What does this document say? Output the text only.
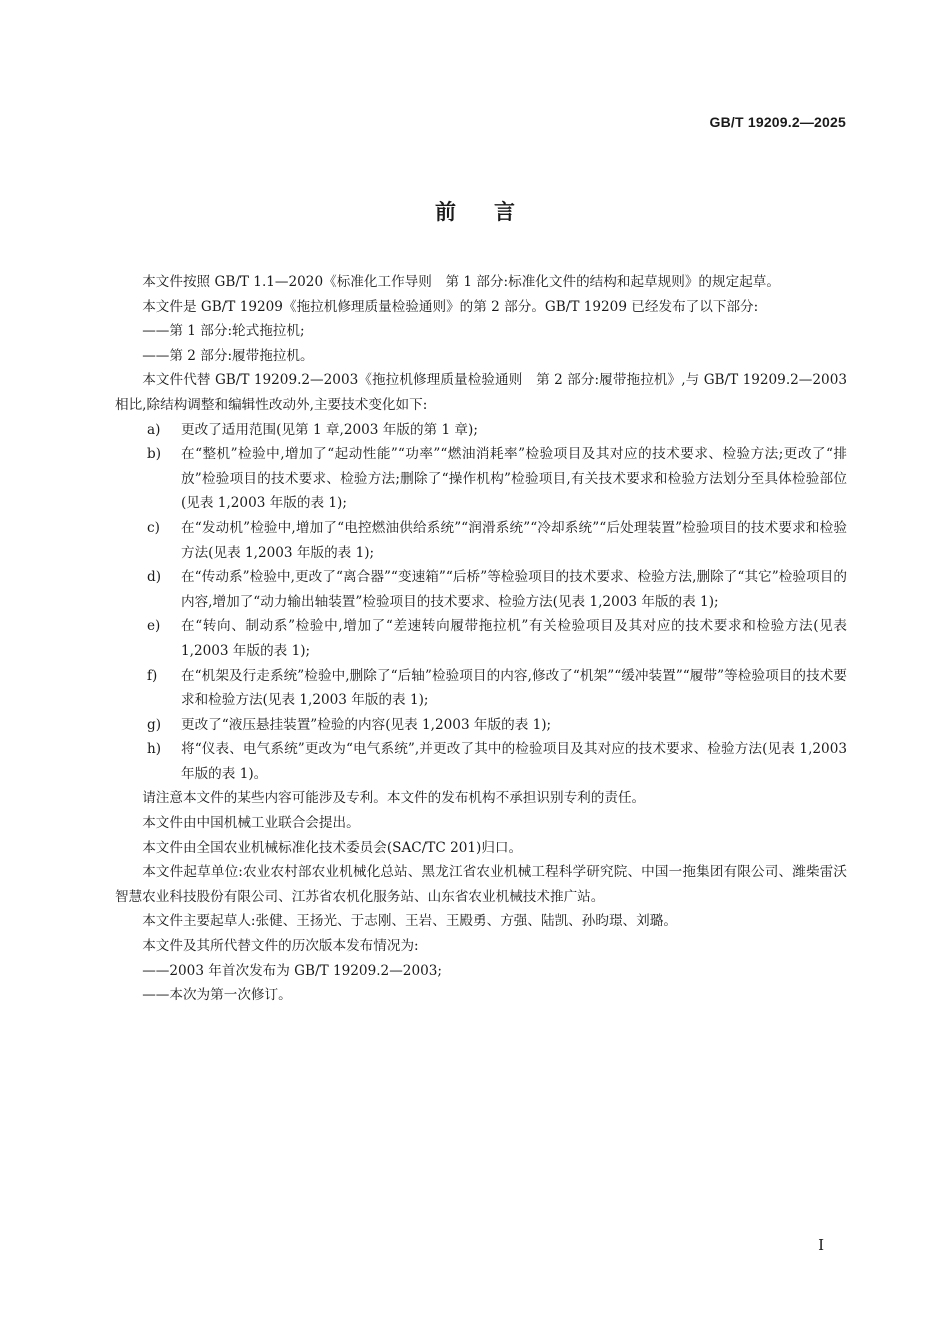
GB/T 19209.2—2025
前言

本文件按照 GB/T 1.1—2020《标准化工作导则　第 1 部分:标准化文件的结构和起草规则》的规定起草。

本文件是 GB/T 19209《拖拉机修理质量检验通则》的第 2 部分。GB/T 19209 已经发布了以下部分:

——第 1 部分:轮式拖拉机;

——第 2 部分:履带拖拉机。

本文件代替 GB/T 19209.2—2003《拖拉机修理质量检验通则　第 2 部分:履带拖拉机》,与 GB/T 19209.2—2003 相比,除结构调整和编辑性改动外,主要技术变化如下:

a) 更改了适用范围(见第 1 章,2003 年版的第 1 章);

b) 在“整机”检验中,增加了“起动性能”“功率”“燃油消耗率”检验项目及其对应的技术要求、检验方法;更改了“排放”检验项目的技术要求、检验方法;删除了“操作机构”检验项目,有关技术要求和检验方法划分至具体检验部位(见表 1,2003 年版的表 1);

c) 在“发动机”检验中,增加了“电控燃油供给系统”“润滑系统”“冷却系统”“后处理装置”检验项目的技术要求和检验方法(见表 1,2003 年版的表 1);

d) 在“传动系”检验中,更改了“离合器”“变速箱”“后桥”等检验项目的技术要求、检验方法,删除了“其它”检验项目的内容,增加了“动力输出轴装置”检验项目的技术要求、检验方法(见表 1,2003 年版的表 1);

e) 在“转向、制动系”检验中,增加了“差速转向履带拖拉机”有关检验项目及其对应的技术要求和检验方法(见表 1,2003 年版的表 1);

f) 在“机架及行走系统”检验中,删除了“后轴”检验项目的内容,修改了“机架”“缓冲装置”“履带”等检验项目的技术要求和检验方法(见表 1,2003 年版的表 1);

g) 更改了“液压悬挂装置”检验的内容(见表 1,2003 年版的表 1);

h) 将“仪表、电气系统”更改为“电气系统”,并更改了其中的检验项目及其对应的技术要求、检验方法(见表 1,2003 年版的表 1)。

请注意本文件的某些内容可能涉及专利。本文件的发布机构不承担识别专利的责任。

本文件由中国机械工业联合会提出。

本文件由全国农业机械标准化技术委员会(SAC/TC 201)归口。

本文件起草单位:农业农村部农业机械化总站、黑龙江省农业机械工程科学研究院、中国一拖集团有限公司、潍柴雷沃智慧农业科技股份有限公司、江苏省农机化服务站、山东省农业机械技术推广站。

本文件主要起草人:张健、王扬光、于志刚、王岩、王殿勇、方强、陆凯、孙昀璟、刘璐。

本文件及其所代替文件的历次版本发布情况为:

——2003 年首次发布为 GB/T 19209.2—2003;

——本次为第一次修订。

I
